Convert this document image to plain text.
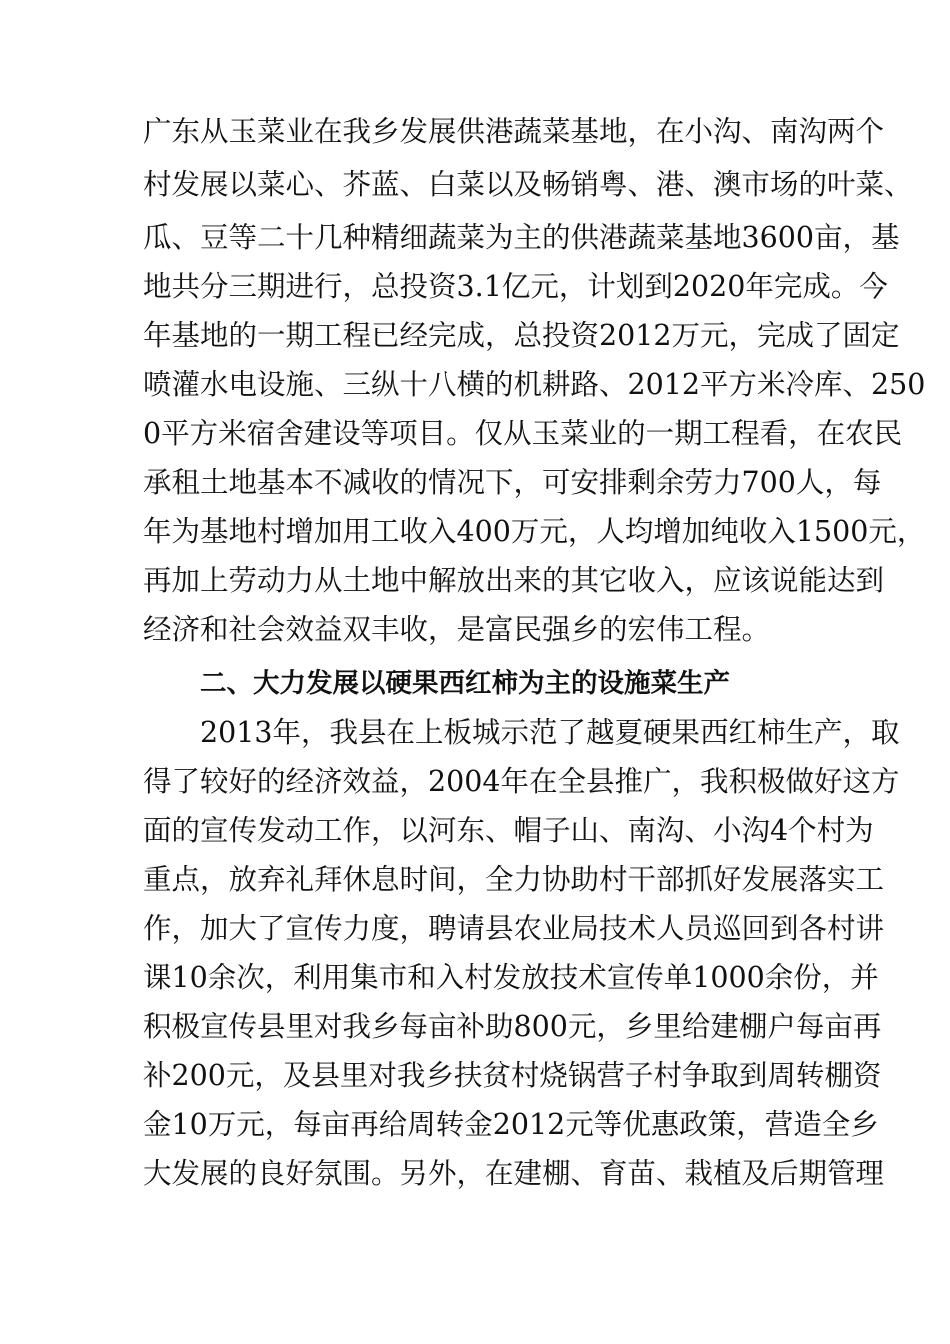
广东从玉菜业在我乡发展供港蔬菜基地，在小沟、南沟两个
村发展以菜心、芥蓝、白菜以及畅销粤、港、澳市场的叶菜、
瓜、豆等二十几种精细蔬菜为主的供港蔬菜基地3600亩，基
地共分三期进行，总投资3.1亿元，计划到2020年完成。今
年基地的一期工程已经完成，总投资2012万元，完成了固定
喷灌水电设施、三纵十八横的机耕路、2012平方米冷库、250
0平方米宿舍建设等项目。仅从玉菜业的一期工程看，在农民
承租土地基本不减收的情况下，可安排剩余劳力700人，每
年为基地村增加用工收入400万元，人均增加纯收入1500元，
再加上劳动力从土地中解放出来的其它收入，应该说能达到
经济和社会效益双丰收，是富民强乡的宏伟工程。
二、大力发展以硬果西红柿为主的设施菜生产
2013年，我县在上板城示范了越夏硬果西红柿生产，取
得了较好的经济效益，2004年在全县推广，我积极做好这方
面的宣传发动工作，以河东、帽子山、南沟、小沟4个村为
重点，放弃礼拜休息时间，全力协助村干部抓好发展落实工
作，加大了宣传力度，聘请县农业局技术人员巡回到各村讲
课10余次，利用集市和入村发放技术宣传单1000余份，并
积极宣传县里对我乡每亩补助800元，乡里给建棚户每亩再
补200元，及县里对我乡扶贫村烧锅营子村争取到周转棚资
金10万元，每亩再给周转金2012元等优惠政策，营造全乡
大发展的良好氛围。另外，在建棚、育苗、栽植及后期管理
